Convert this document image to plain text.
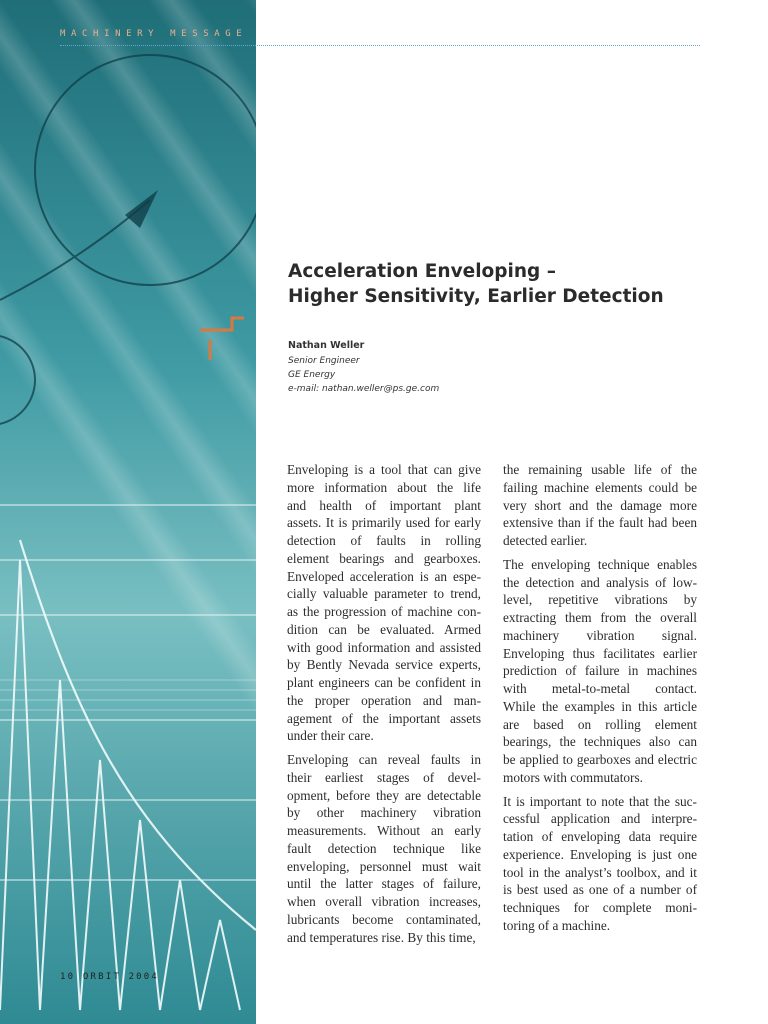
MACHINERY MESSAGE
Acceleration Enveloping –
Higher Sensitivity, Earlier Detection
Nathan Weller
Senior Engineer
GE Energy
e-mail: nathan.weller@ps.ge.com

Enveloping is a tool that can give
more information about the life
and health of important plant
assets. It is primarily used for early
detection of faults in rolling
element bearings and gearboxes.
Enveloped acceleration is an espe-
cially valuable parameter to trend,
as the progression of machine con-
dition can be evaluated. Armed
with good information and assisted
by Bently Nevada service experts,
plant engineers can be confident in
the proper operation and man-
agement of the important assets
under their care.

Enveloping can reveal faults in
their earliest stages of devel-
opment, before they are detectable
by other machinery vibration
measurements. Without an early
fault detection technique like
enveloping, personnel must wait
until the latter stages of failure,
when overall vibration increases,
lubricants become contaminated,
and temperatures rise. By this time,

the remaining usable life of the
failing machine elements could be
very short and the damage more
extensive than if the fault had been
detected earlier.

The enveloping technique enables
the detection and analysis of low-
level, repetitive vibrations by
extracting them from the overall
machinery vibration signal.
Enveloping thus facilitates earlier
prediction of failure in machines
with metal-to-metal contact.
While the examples in this article
are based on rolling element
bearings, the techniques also can
be applied to gearboxes and electric
motors with commutators.

It is important to note that the suc-
cessful application and interpre-
tation of enveloping data require
experience. Enveloping is just one
tool in the analyst’s toolbox, and it
is best used as one of a number of
techniques for complete moni-
toring of a machine.

10 ORBIT 2004
